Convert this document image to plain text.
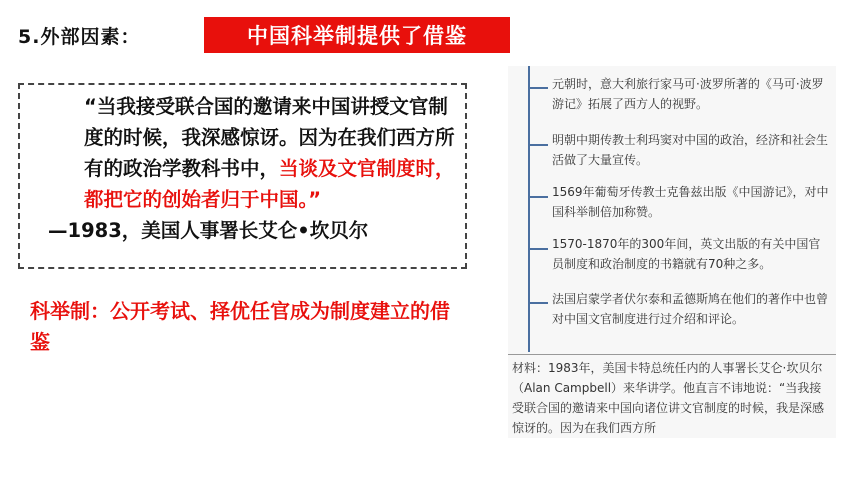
5.外部因素：	中国科举制提供了借鉴
“当我接受联合国的邀请来中国讲授文官制度的时候，我深感惊讶。因为在我们西方所有的政治学教科书中，当谈及文官制度时，都把它的创始者归于中国。”
—1983，美国人事署长艾仑•坎贝尔
科举制：公开考试、择优任官成为制度建立的借鉴
元朝时，意大利旅行家马可·波罗所著的《马可·波罗游记》拓展了西方人的视野。
明朝中期传教士利玛窦对中国的政治，经济和社会生活做了大量宣传。
1569年葡萄牙传教士克鲁兹出版《中国游记》，对中国科举制倍加称赞。
1570-1870年的300年间，英文出版的有关中国官员制度和政治制度的书籍就有70种之多。
法国启蒙学者伏尔泰和孟德斯鸠在他们的著作中也曾对中国文官制度进行过介绍和评论。
材料：1983年，美国卡特总统任内的人事署长艾仑·坎贝尔（Alan Campbell）来华讲学。他直言不讳地说：“当我接受联合国的邀请来中国向诸位讲文官制度的时候，我是深感惊讶的。因为在我们西方所
